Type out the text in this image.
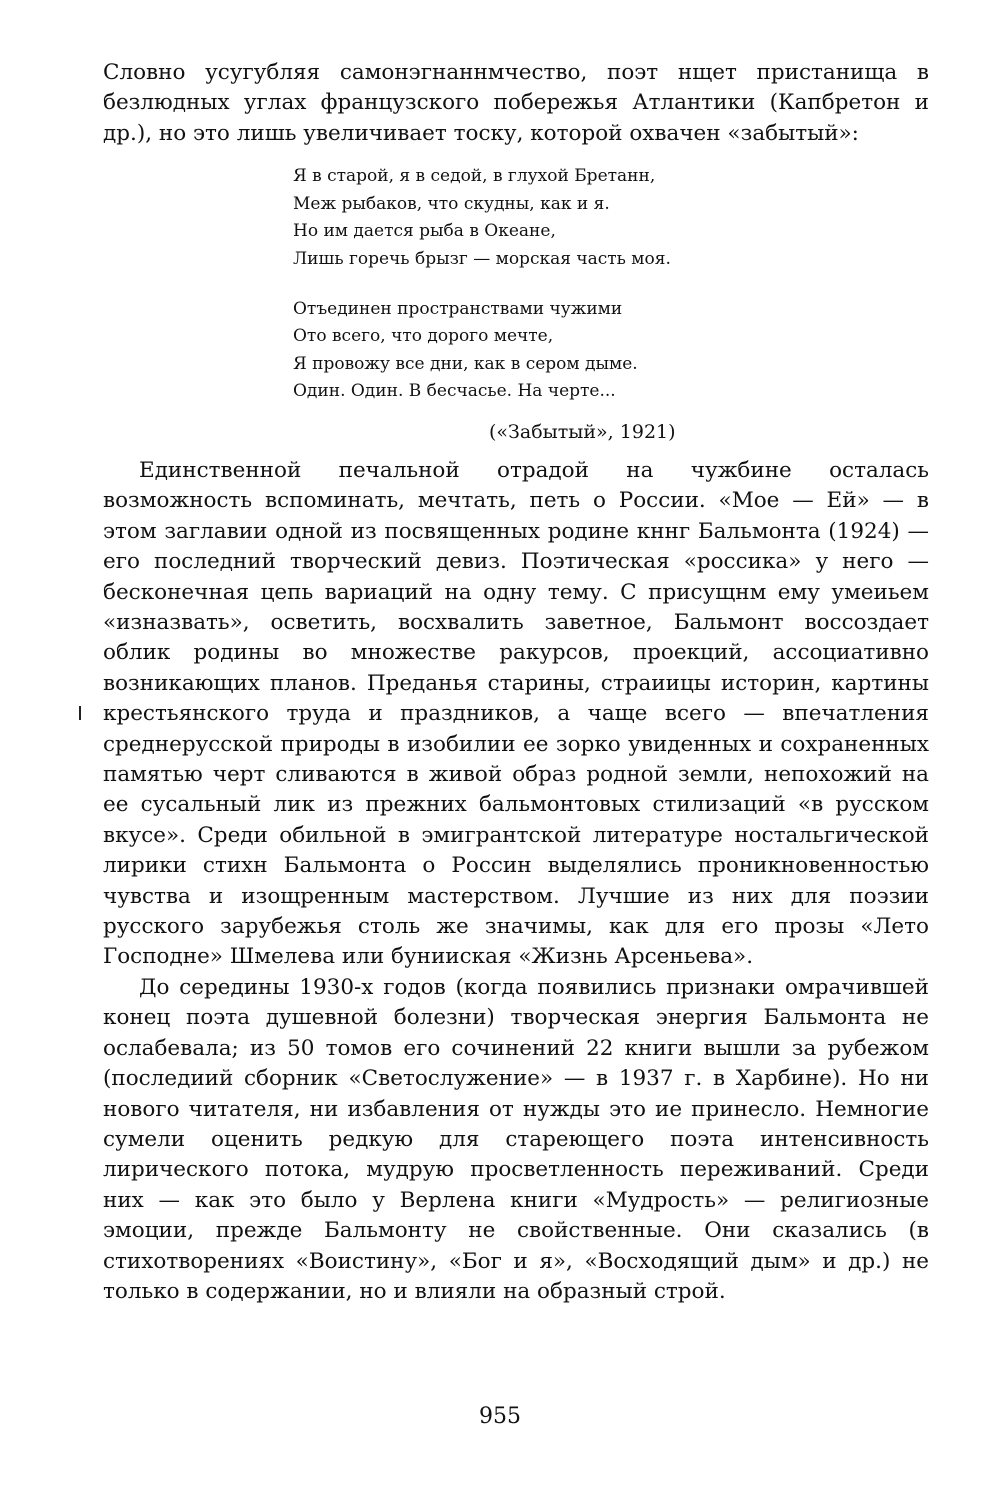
Словно усугубляя самонэгнаннмчество, поэт нщет пристанища в безлюдных углах французского побережья Атлантики (Капбретон и др.), но это лишь увеличивает тоску, которой охвачен «забытый»:

Я в старой, я в седой, в глухой Бретанн,
Меж рыбаков, что скудны, как и я.
Но им дается рыба в Океане,
Лишь горечь брызг — морская часть моя.
Отъединен пространствами чужими
Ото всего, что дорого мечте,
Я провожу все дни, как в сером дыме.
Один. Один. В бесчасье. На черте...
(«Забытый», 1921)

Единственной печальной отрадой на чужбине осталась возможность вспоминать, мечтать, петь о России. «Мое — Ей» — в этом заглавии одной из посвященных родине кннг Бальмонта (1924) — его последний творческий девиз. Поэтическая «россика» у него — бесконечная цепь вариаций на одну тему. С присущнм ему умеиьем «изназвать», осветить, восхвалить заветное, Бальмонт воссоздает облик родины во множестве ракурсов, проекций, ассоциативно возникающих планов. Преданья старины, страиицы историн, картины крестьянского труда и праздников, а чаще всего — впечатления среднерусской природы в изобилии ее зорко увиденных и сохраненных памятью черт сливаются в живой образ родной земли, непохожий на ее сусальный лик из прежних бальмонтовых стилизаций «в русском вкусе». Среди обильной в эмигрантской литературе ностальгической лирики стихн Бальмонта о Россин выделялись проникновенностью чувства и изощренным мастерством. Лучшие из них для поэзии русского зарубежья столь же значимы, как для его прозы «Лето Господне» Шмелева или бунииская «Жизнь Арсеньева».

До середины 1930-х годов (когда появились признаки омрачившей конец поэта душевной болезни) творческая энергия Бальмонта не ослабевала; из 50 томов его сочинений 22 книги вышли за рубежом (последиий сборник «Светослужение» — в 1937 г. в Харбине). Но ни нового читателя, ни избавления от нужды это ие принесло. Немногие сумели оценить редкую для стареющего поэта интенсивность лирического потока, мудрую просветленность переживаний. Среди них — как это было у Верлена книги «Мудрость» — религиозные эмоции, прежде Бальмонту не свойственные. Они сказались (в стихотворениях «Воистину», «Бог и я», «Восходящий дым» и др.) не только в содержании, но и влияли на образный строй.

955
